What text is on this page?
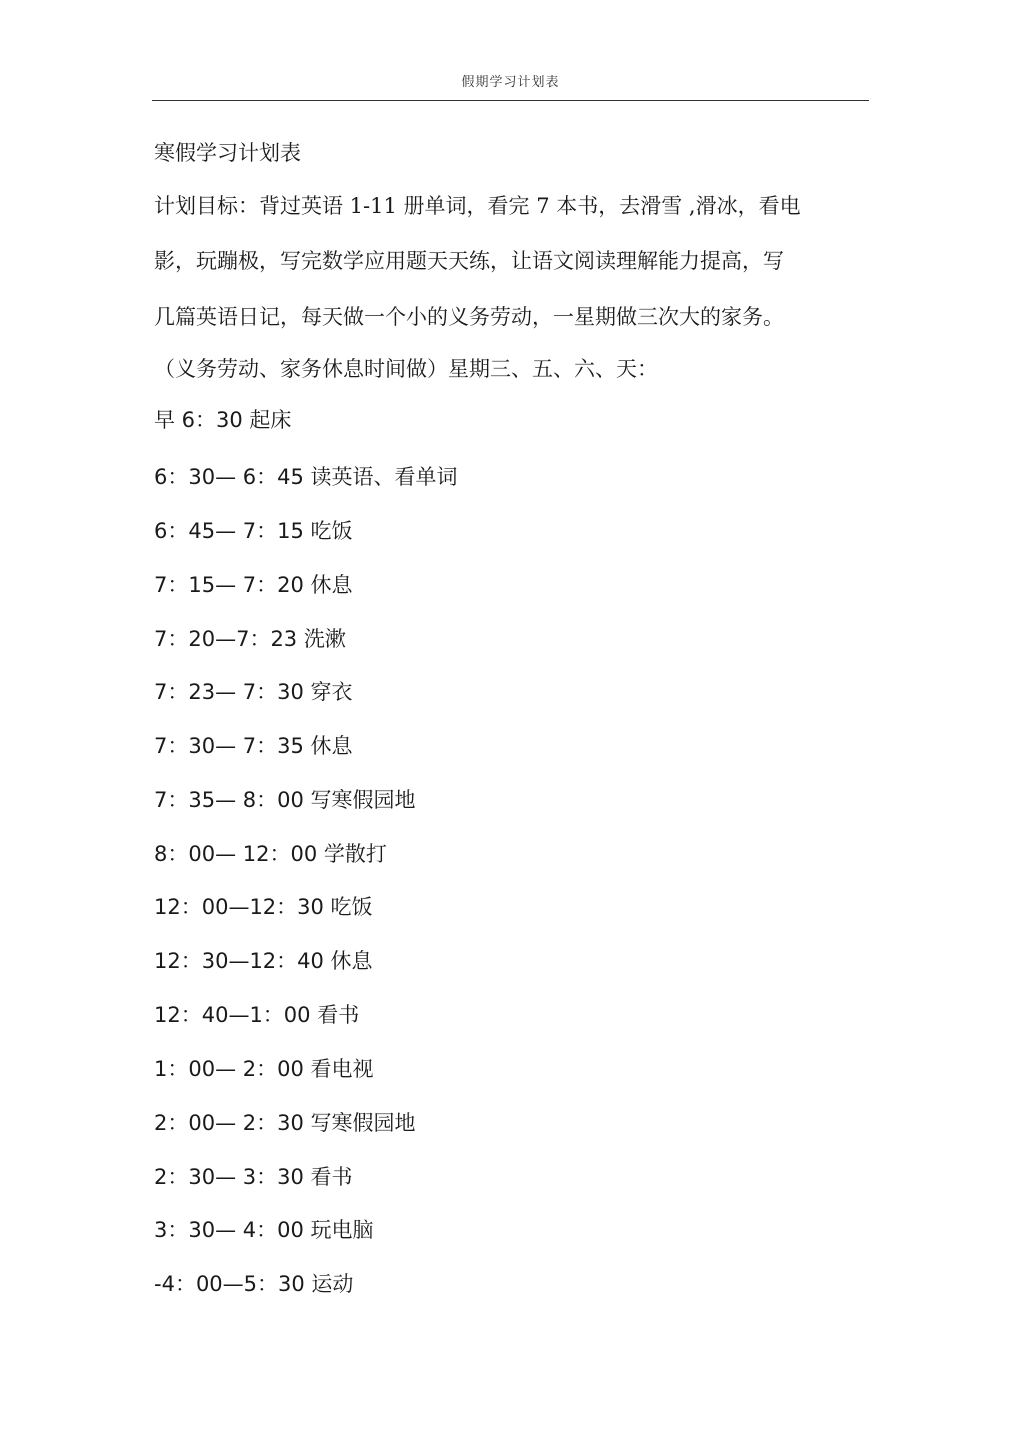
假期学习计划表
寒假学习计划表
计划目标：背过英语 1-11 册单词，看完 7 本书，去滑雪 ,滑冰，看电
影，玩蹦极，写完数学应用题天天练，让语文阅读理解能力提高，写
几篇英语日记，每天做一个小的义务劳动，一星期做三次大的家务。
（义务劳动、家务休息时间做）星期三、五、六、天：
早 6：30 起床
6：30— 6：45 读英语、看单词
6：45— 7：15 吃饭
7：15— 7：20 休息
7：20—7：23 洗漱
7：23— 7：30 穿衣
7：30— 7：35 休息
7：35— 8：00 写寒假园地
8：00— 12：00 学散打
12：00—12：30 吃饭
12：30—12：40 休息
12：40—1：00 看书
1：00— 2：00 看电视
2：00— 2：30 写寒假园地
2：30— 3：30 看书
3：30— 4：00 玩电脑
-4：00—5：30 运动
